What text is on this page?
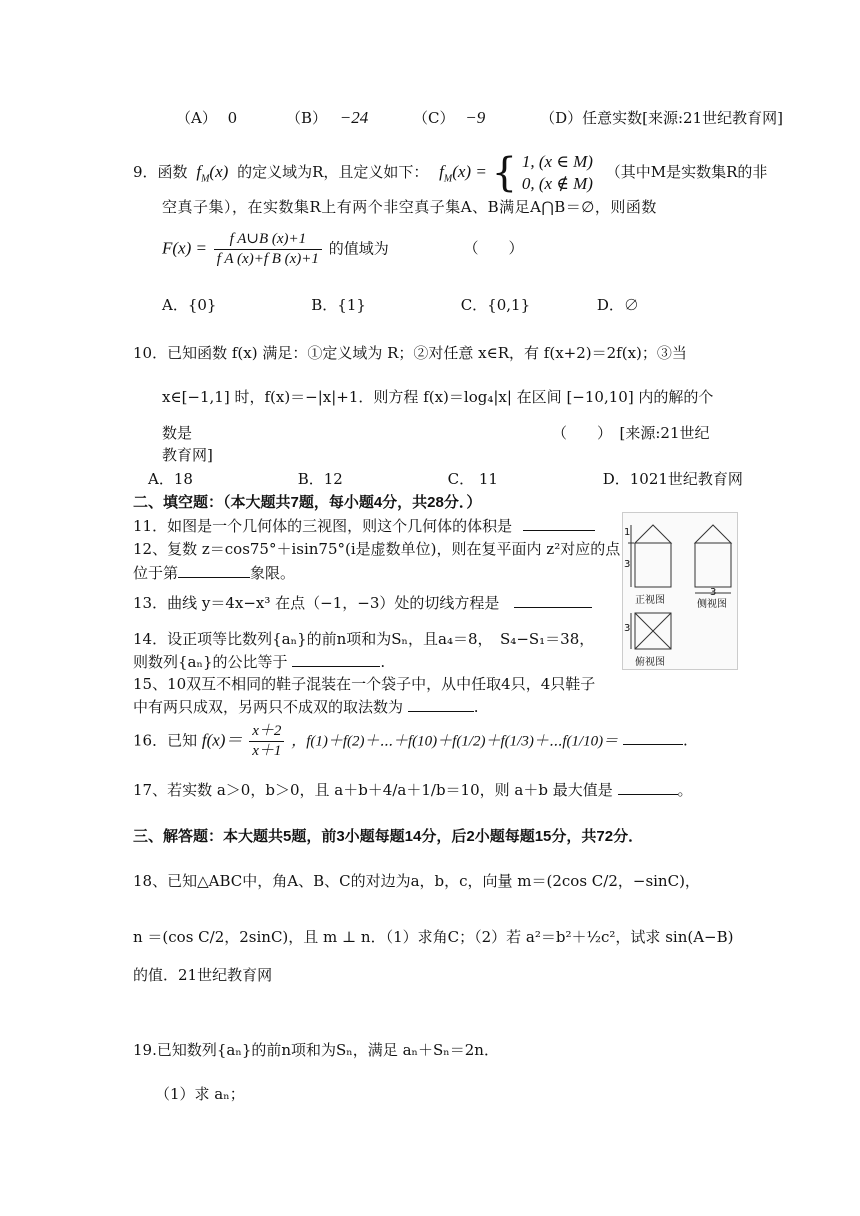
（A） 0	（B） −24	（C） −9	（D）任意实数[来源:21世纪教育网]
9．函数 $f_M(x)$ 的定义域为R，且定义如下： $f_M(x)$ = { 1, (x ∈ M)
0, (x ∉ M)
（其中M是实数集R的非
空真子集），在实数集R上有两个非空真子集A、B满足A⋂B＝∅，则函数
$F(x) = \frac{\text{f A∪B (x)+1}}{\text{f A (x)+f B (x)+1}}$ 的值域为	（　　）
A．{0}	B．{1}	C．{0,1}	D．∅
10．已知函数 f(x) 满足：①定义域为 R；②对任意 x∈R，有 f(x+2)＝2f(x)；③当
x∈[−1,1] 时，f(x)＝−|x|+1．则方程 f(x)＝log₄|x| 在区间 [−10,10] 内的解的个
数是	（　　）　[来源:21世纪
教育网]
A．18	B．12	C． 11	D．1021世纪教育网
二、填空题：（本大题共7题，每小题4分，共28分．）
11．如图是一个几何体的三视图，则这个几何体的体积是
12、复数 z＝cos75°＋isin75°(i是虚数单位)，则在复平面内 z²对应的点
位于第	象限。
13．曲线 y＝4x−x³ 在点（−1，−3）处的切线方程是
14．设正项等比数列{aₙ}的前n项和为Sₙ，且a₄＝8，　S₄−S₁＝38，
则数列{aₙ}的公比等于	.
15、10双互不相同的鞋子混装在一个袋子中，从中任取4只，4只鞋子
中有两只成双，另两只不成双的取法数为	.
16．已知 $f(x)= \frac{x+2}{x+1}$ ，f(1)＋f(2)＋⋯＋f(10)＋f(1/2)＋f(1/3)＋⋯f(1/10)＝	.
17、若实数 a＞0，b＞0，且 a＋b＋4/a＋1/b＝10，则 a＋b 最大值是	。
三、解答题：本大题共5题，前3小题每题14分，后2小题每题15分，共72分．
18、已知△ABC中，角A、B、C的对边为a，b，c，向量 m＝(2cos C/2，−sinC)，
n ＝(cos C/2，2sinC)，且 m ⊥ n．（1）求角C；（2）若 a²＝b²＋½c²，试求 sin(A−B)
的值．21世纪教育网
19.已知数列{aₙ}的前n项和为Sₙ，满足 aₙ＋Sₙ＝2n．
（1）求 aₙ；
1
3
3
3
正视图	侧视图
俯视图
